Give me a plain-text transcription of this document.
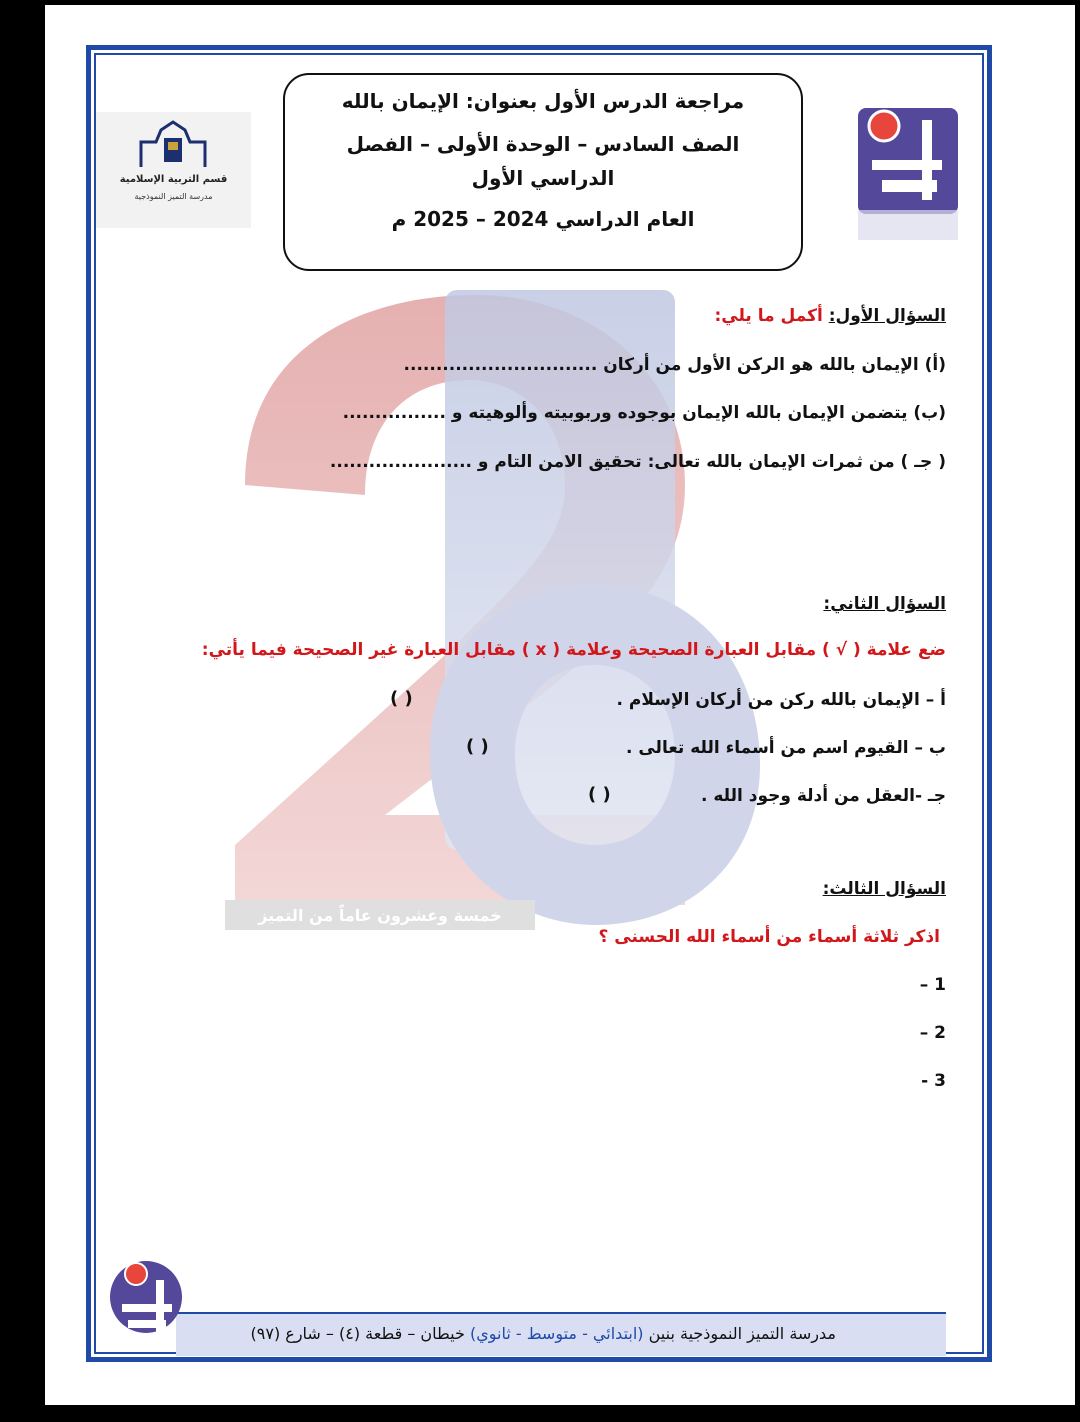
خمسة وعشرون عاماً من التميز
قسم التربية الإسلامية
مدرسة التميز النموذجية

مراجعة الدرس الأول بعنوان: الإيمان بالله

الصف السادس – الوحدة الأولى – الفصل الدراسي الأول

العام الدراسي 2024 – 2025 م

السؤال الأول: أكمل ما يلي:
(أ) الإيمان بالله هو الركن الأول من أركان ..............................
(ب) يتضمن الإيمان بالله الإيمان بوجوده وربوبيته وألوهيته و ................
( جـ ) من ثمرات الإيمان بالله تعالى: تحقيق الامن التام و ......................
السؤال الثاني:
ضع علامة ( √ ) مقابل العبارة الصحيحة وعلامة ( x ) مقابل العبارة غير الصحيحة فيما يأتي:
أ – الإيمان بالله ركن من أركان الإسلام .
( )
ب – القيوم اسم من أسماء الله تعالى .
( )
جـ -العقل من أدلة وجود الله .
( )
السؤال الثالث:
اذكر ثلاثة أسماء من أسماء الله الحسنى ؟
1 –
2 –
3 -
مدرسة التميز النموذجية بنين (ابتدائي - متوسط - ثانوي) خيطان – قطعة (٤) – شارع (٩٧)
